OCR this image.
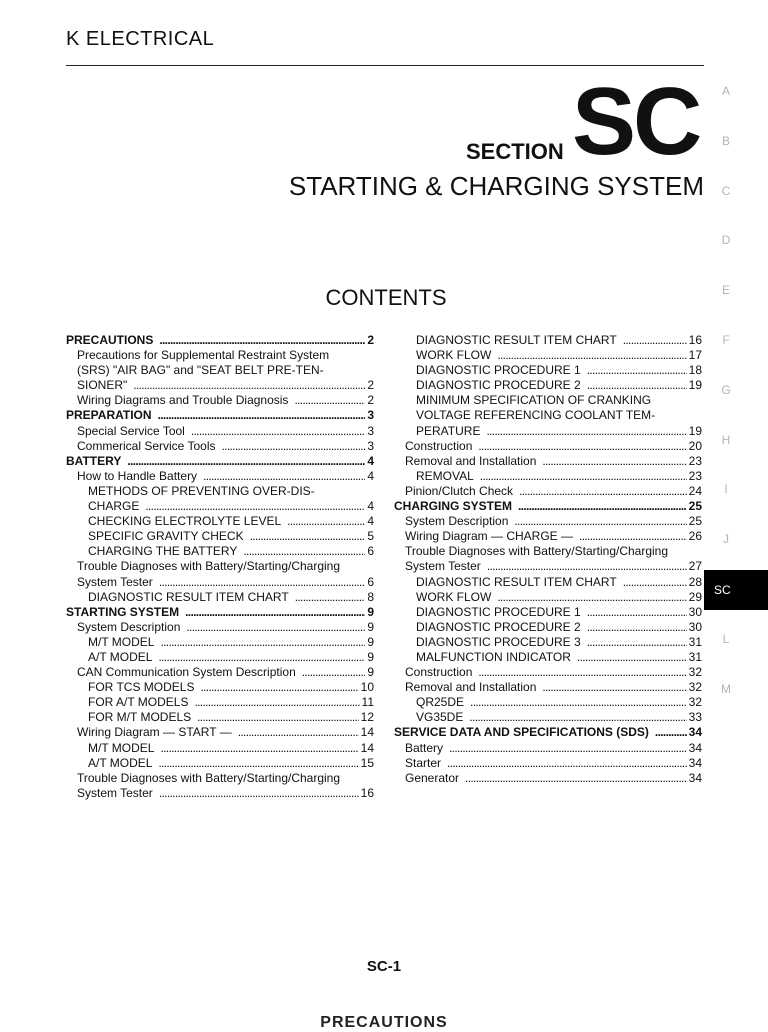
K ELECTRICAL
SECTION SC
STARTING & CHARGING SYSTEM
CONTENTS
PRECAUTIONS . . .	2
Precautions for Supplemental Restraint System
(SRS) "AIR BAG" and "SEAT BELT PRE-TEN-
SIONER" . . .	2
Wiring Diagrams and Trouble Diagnosis . . .	2
PREPARATION . . .	3
Special Service Tool . . .	3
Commerical Service Tools . . .	3
BATTERY . . .	4
How to Handle Battery . . .	4
METHODS OF PREVENTING OVER-DIS-
CHARGE . . .	4
CHECKING ELECTROLYTE LEVEL . . .	4
SPECIFIC GRAVITY CHECK . . .	5
CHARGING THE BATTERY . . .	6
Trouble Diagnoses with Battery/Starting/Charging
System Tester . . .	6
DIAGNOSTIC RESULT ITEM CHART . . .	8
STARTING SYSTEM . . .	9
System Description . . .	9
M/T MODEL . . .	9
A/T MODEL . . .	9
CAN Communication System Description . . .	9
FOR TCS MODELS . . .	10
FOR A/T MODELS . . .	11
FOR M/T MODELS . . .	12
Wiring Diagram — START — . . .	14
M/T MODEL . . .	14
A/T MODEL . . .	15
Trouble Diagnoses with Battery/Starting/Charging
System Tester . . .	16
DIAGNOSTIC RESULT ITEM CHART . . .	16
WORK FLOW . . .	17
DIAGNOSTIC PROCEDURE 1 . . .	18
DIAGNOSTIC PROCEDURE 2 . . .	19
MINIMUM SPECIFICATION OF CRANKING
VOLTAGE REFERENCING COOLANT TEM-
PERATURE . . .	19
Construction . . .	20
Removal and Installation . . .	23
REMOVAL . . .	23
Pinion/Clutch Check . . .	24
CHARGING SYSTEM . . .	25
System Description . . .	25
Wiring Diagram — CHARGE — . . .	26
Trouble Diagnoses with Battery/Starting/Charging
System Tester . . .	27
DIAGNOSTIC RESULT ITEM CHART . . .	28
WORK FLOW . . .	29
DIAGNOSTIC PROCEDURE 1 . . .	30
DIAGNOSTIC PROCEDURE 2 . . .	30
DIAGNOSTIC PROCEDURE 3 . . .	31
MALFUNCTION INDICATOR . . .	31
Construction . . .	32
Removal and Installation . . .	32
QR25DE . . .	32
VG35DE . . .	33
SERVICE DATA AND SPECIFICATIONS (SDS) . . .	34
Battery . . .	34
Starter . . .	34
Generator . . .	34
A
B
C
D
E
F
G
H
I
J
SC
L
M
SC-1
PRECAUTIONS
